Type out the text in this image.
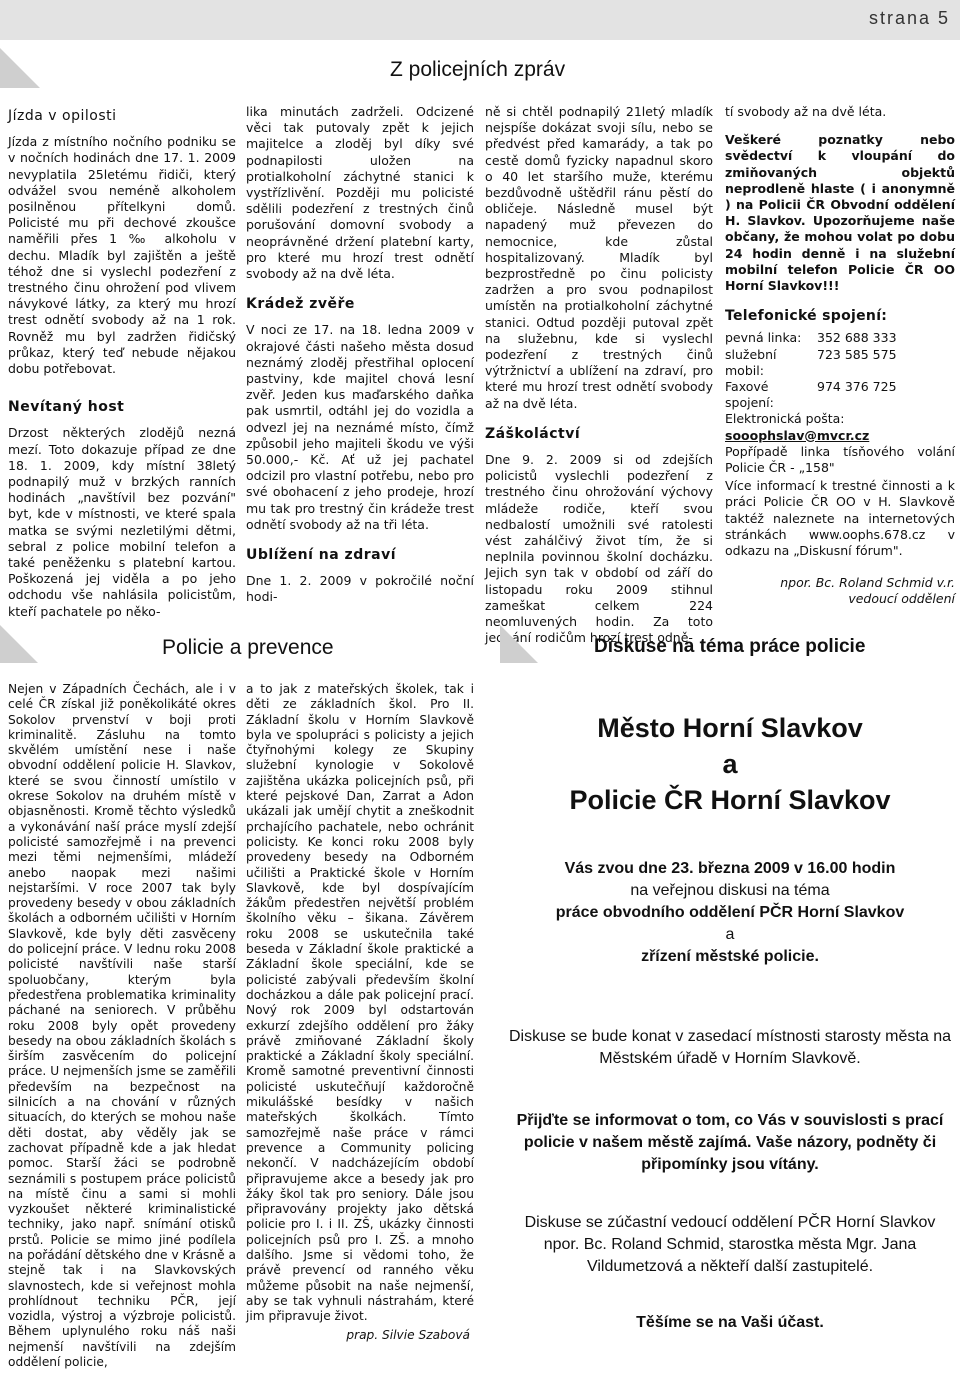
strana 5
Z policejních zpráv
Jízda v opilosti

Jízda z místního nočního podniku se v nočních hodinách dne 17. 1. 2009 nevyplatila 25letému řidiči, který odvážel svou neméně alkoholem posilněnou přítelkyni domů. Policisté mu při dechové zkoušce naměřili přes 1 ‰ alkoholu v dechu. Mladík byl zajištěn a ještě téhož dne si vyslechl podezření z trestného činu ohrožení pod vlivem návykové látky, za který mu hrozí trest odnětí svobody až na 1 rok. Rovněž mu byl zadržen řidičský průkaz, který teď nebude nějakou dobu potřebovat.

Nevítaný host

Drzost některých zlodějů nezná mezí. Toto dokazuje případ ze dne 18. 1. 2009, kdy místní 38letý podnapilý muž v brzkých ranních hodinách „navštívil bez pozvání" byt, kde v místnosti, ve které spala matka se svými nezletilými dětmi, sebral z police mobilní telefon a také peněženku s platební kartou. Poškozená jej viděla a po jeho odchodu vše nahlásila policistům, kteří pachatele po něko-

lika minutách zadrželi. Odcizené věci tak putovaly zpět k jejich majitelce a zloděj byl díky své podnapilosti uložen na protialkoholní záchytné stanici k vystřízlivění. Později mu policisté sdělili podezření z trestných činů porušování domovní svobody a neoprávněné držení platební karty, pro které mu hrozí trest odnětí svobody až na dvě léta.

Krádež zvěře

V noci ze 17. na 18. ledna 2009 v okrajové části našeho města dosud neznámý zloděj přestřihal oplocení pastviny, kde majitel chová lesní zvěř. Jeden kus maďarského daňka pak usmrtil, odtáhl jej do vozidla a odvezl jej na neznámé místo, čímž způsobil jeho majiteli škodu ve výši 50.000,- Kč. Ať už jej pachatel odcizil pro vlastní potřebu, nebo pro své obohacení z jeho prodeje, hrozí mu tak pro trestný čin krádeže trest odnětí svobody až na tři léta.

Ublížení na zdraví

Dne 1. 2. 2009 v pokročilé noční hodi-

ně si chtěl podnapilý 21letý mladík nejspíše dokázat svoji sílu, nebo se předvést před kamarády, a tak po cestě domů fyzicky napadnul skoro o 40 let staršího muže, kterému bezdůvodně uštědřil ránu pěstí do obličeje. Následně musel být napadený muž převezen do nemocnice, kde zůstal hospitalizovaný. Mladík byl bezprostředně po činu policisty zadržen a pro svou podnapilost umístěn na protialkoholní záchytné stanici. Odtud později putoval zpět na služebnu, kde si vyslechl podezření z trestných činů výtržnictví a ublížení na zdraví, pro které mu hrozí trest odnětí svobody až na dvě léta.

Záškoláctví

Dne 9. 2. 2009 si od zdejších policistů vyslechli podezření z trestného činu ohrožování výchovy mládeže rodiče, kteří svou nedbalostí umožnili své ratolesti vést zahálčivý život tím, že si neplnila povinnou školní docházku. Jejich syn tak v období od září do listopadu roku 2009 stihnul zameškat celkem 224 neomluvených hodin. Za toto jednání rodičům hrozí trest odně-

tí svobody až na dvě léta.

Veškeré poznatky nebo svědectví k vloupání do zmiňovaných objektů neprodleně hlaste ( i anonymně ) na Policii ČR Obvodní oddělení H. Slavkov. Upozorňujeme naše občany, že mohou volat po dobu 24 hodin denně i na služební mobilní telefon Policie ČR OO Horní Slavkov!!!

Telefonické spojení:
pevná linka:	352 688 333
služební mobil:
723 585 575
Faxové spojení:
974 376 725
Elektronická pošta:
sooophslav@mvcr.cz

Popřípadě linka tísňového volání Policie ČR - „158"

Více informací k trestné činnosti a k práci Policie ČR OO v H. Slavkově taktéž naleznete na internetových stránkách www.oophs.678.cz v odkazu na „Diskusní fórum".

npor. Bc. Roland Schmid v.r.
vedoucí oddělení
Policie a prevence

Nejen v Západních Čechách, ale i v celé ČR získal již poněkolikáté okres Sokolov prvenství v boji proti kriminalitě. Zásluhu na tomto skvělém umístění nese i naše obvodní oddělení policie H. Slavkov, které se svou činností umístilo v okrese Sokolov na druhém místě v objasněnosti. Kromě těchto výsledků a vykonávání naší práce myslí zdejší policisté samozřejmě i na prevenci mezi těmi nejmenšími, mládeží anebo naopak mezi našimi nejstaršími. V roce 2007 tak byly provedeny besedy v obou základních školách a odborném učilišti v Horním Slavkově, kde byly děti zasvěceny do policejní práce. V lednu roku 2008 policisté navštívili naše starší spoluobčany, kterým byla předestřena problematika kriminality páchané na seniorech. V průběhu roku 2008 byly opět provedeny besedy na obou základních školách s širším zasvěcením do policejní práce. U nejmenších jsme se zaměřili především na bezpečnost na silnicích a na chování v různých situacích, do kterých se mohou naše děti dostat, aby věděly jak se zachovat případně kde a jak hledat pomoc. Starší žáci se podrobně seznámili s postupem práce policistů na místě činu a sami si mohli vyzkoušet některé kriminalistické techniky, jako např. snímání otisků prstů. Policie se mimo jiné podílela na pořádání dětského dne v Krásně a stejně tak i na Slavkovských slavnostech, kde si veřejnost mohla prohlídnout techniku PČR, její vozidla, výstroj a výzbroje policistů. Během uplynulého roku náš naši nejmenší navštívili na zdejším oddělení policie,

a to jak z mateřských školek, tak i děti ze základních škol. Pro II. Základní školu v Horním Slavkově byla ve spolupráci s policisty a jejich čtyřnohými kolegy ze Skupiny služební kynologie v Sokolově zajištěna ukázka policejních psů, při které pejskové Dan, Zarrat a Adon ukázali jak umějí chytit a zneškodnit prchajícího pachatele, nebo ochránit policisty. Ke konci roku 2008 byly provedeny besedy na Odborném učilišti a Praktické škole v Horním Slavkově, kde byl dospívajícím žákům předestřen největší problém školního věku – šikana. Závěrem roku 2008 se uskutečnila také beseda v Základní škole praktické a Základní škole speciální, kde se policisté zabývali především školní docházkou a dále pak policejní prací. Nový rok 2009 byl odstartován exkurzí zdejšího oddělení pro žáky právě zmiňované Základní školy praktické a Základní školy speciální. Kromě samotné preventivní činnosti policisté uskutečňují každoročně mikulášské besídky v našich mateřských školkách. Tímto samozřejmě naše práce v rámci prevence a Community policing nekončí. V nadcházejícím období připravujeme akce a besedy jak pro žáky škol tak pro seniory. Dále jsou připravovány projekty jako dětská policie pro I. i II. ZŠ, ukázky činnosti policejních psů pro I. ZŠ. a mnoho dalšího. Jsme si vědomi toho, že právě prevencí od ranného věku můžeme působit na naše nejmenší, aby se tak vyhnuli nástrahám, které jim připravuje život.

prap. Silvie Szabová
Diskuse na téma práce policie
Město Horní Slavkov
a
Policie ČR Horní Slavkov
Vás zvou dne 23. března 2009 v 16.00 hodin
na veřejnou diskusi na téma
práce obvodního oddělení PČR Horní Slavkov
a
zřízení městské policie.
Diskuse se bude konat v zasedací místnosti starosty města na Městském úřadě v Horním Slavkově.
Přijďte se informovat o tom, co Vás v souvislosti s prací policie v našem městě zajímá. Vaše názory, podněty či připomínky jsou vítány.
Diskuse se zúčastní vedoucí oddělení PČR Horní Slavkov npor. Bc. Roland Schmid, starostka města Mgr. Jana Vildumetzová a někteří další zastupitelé.
Těšíme se na Vaši účast.
